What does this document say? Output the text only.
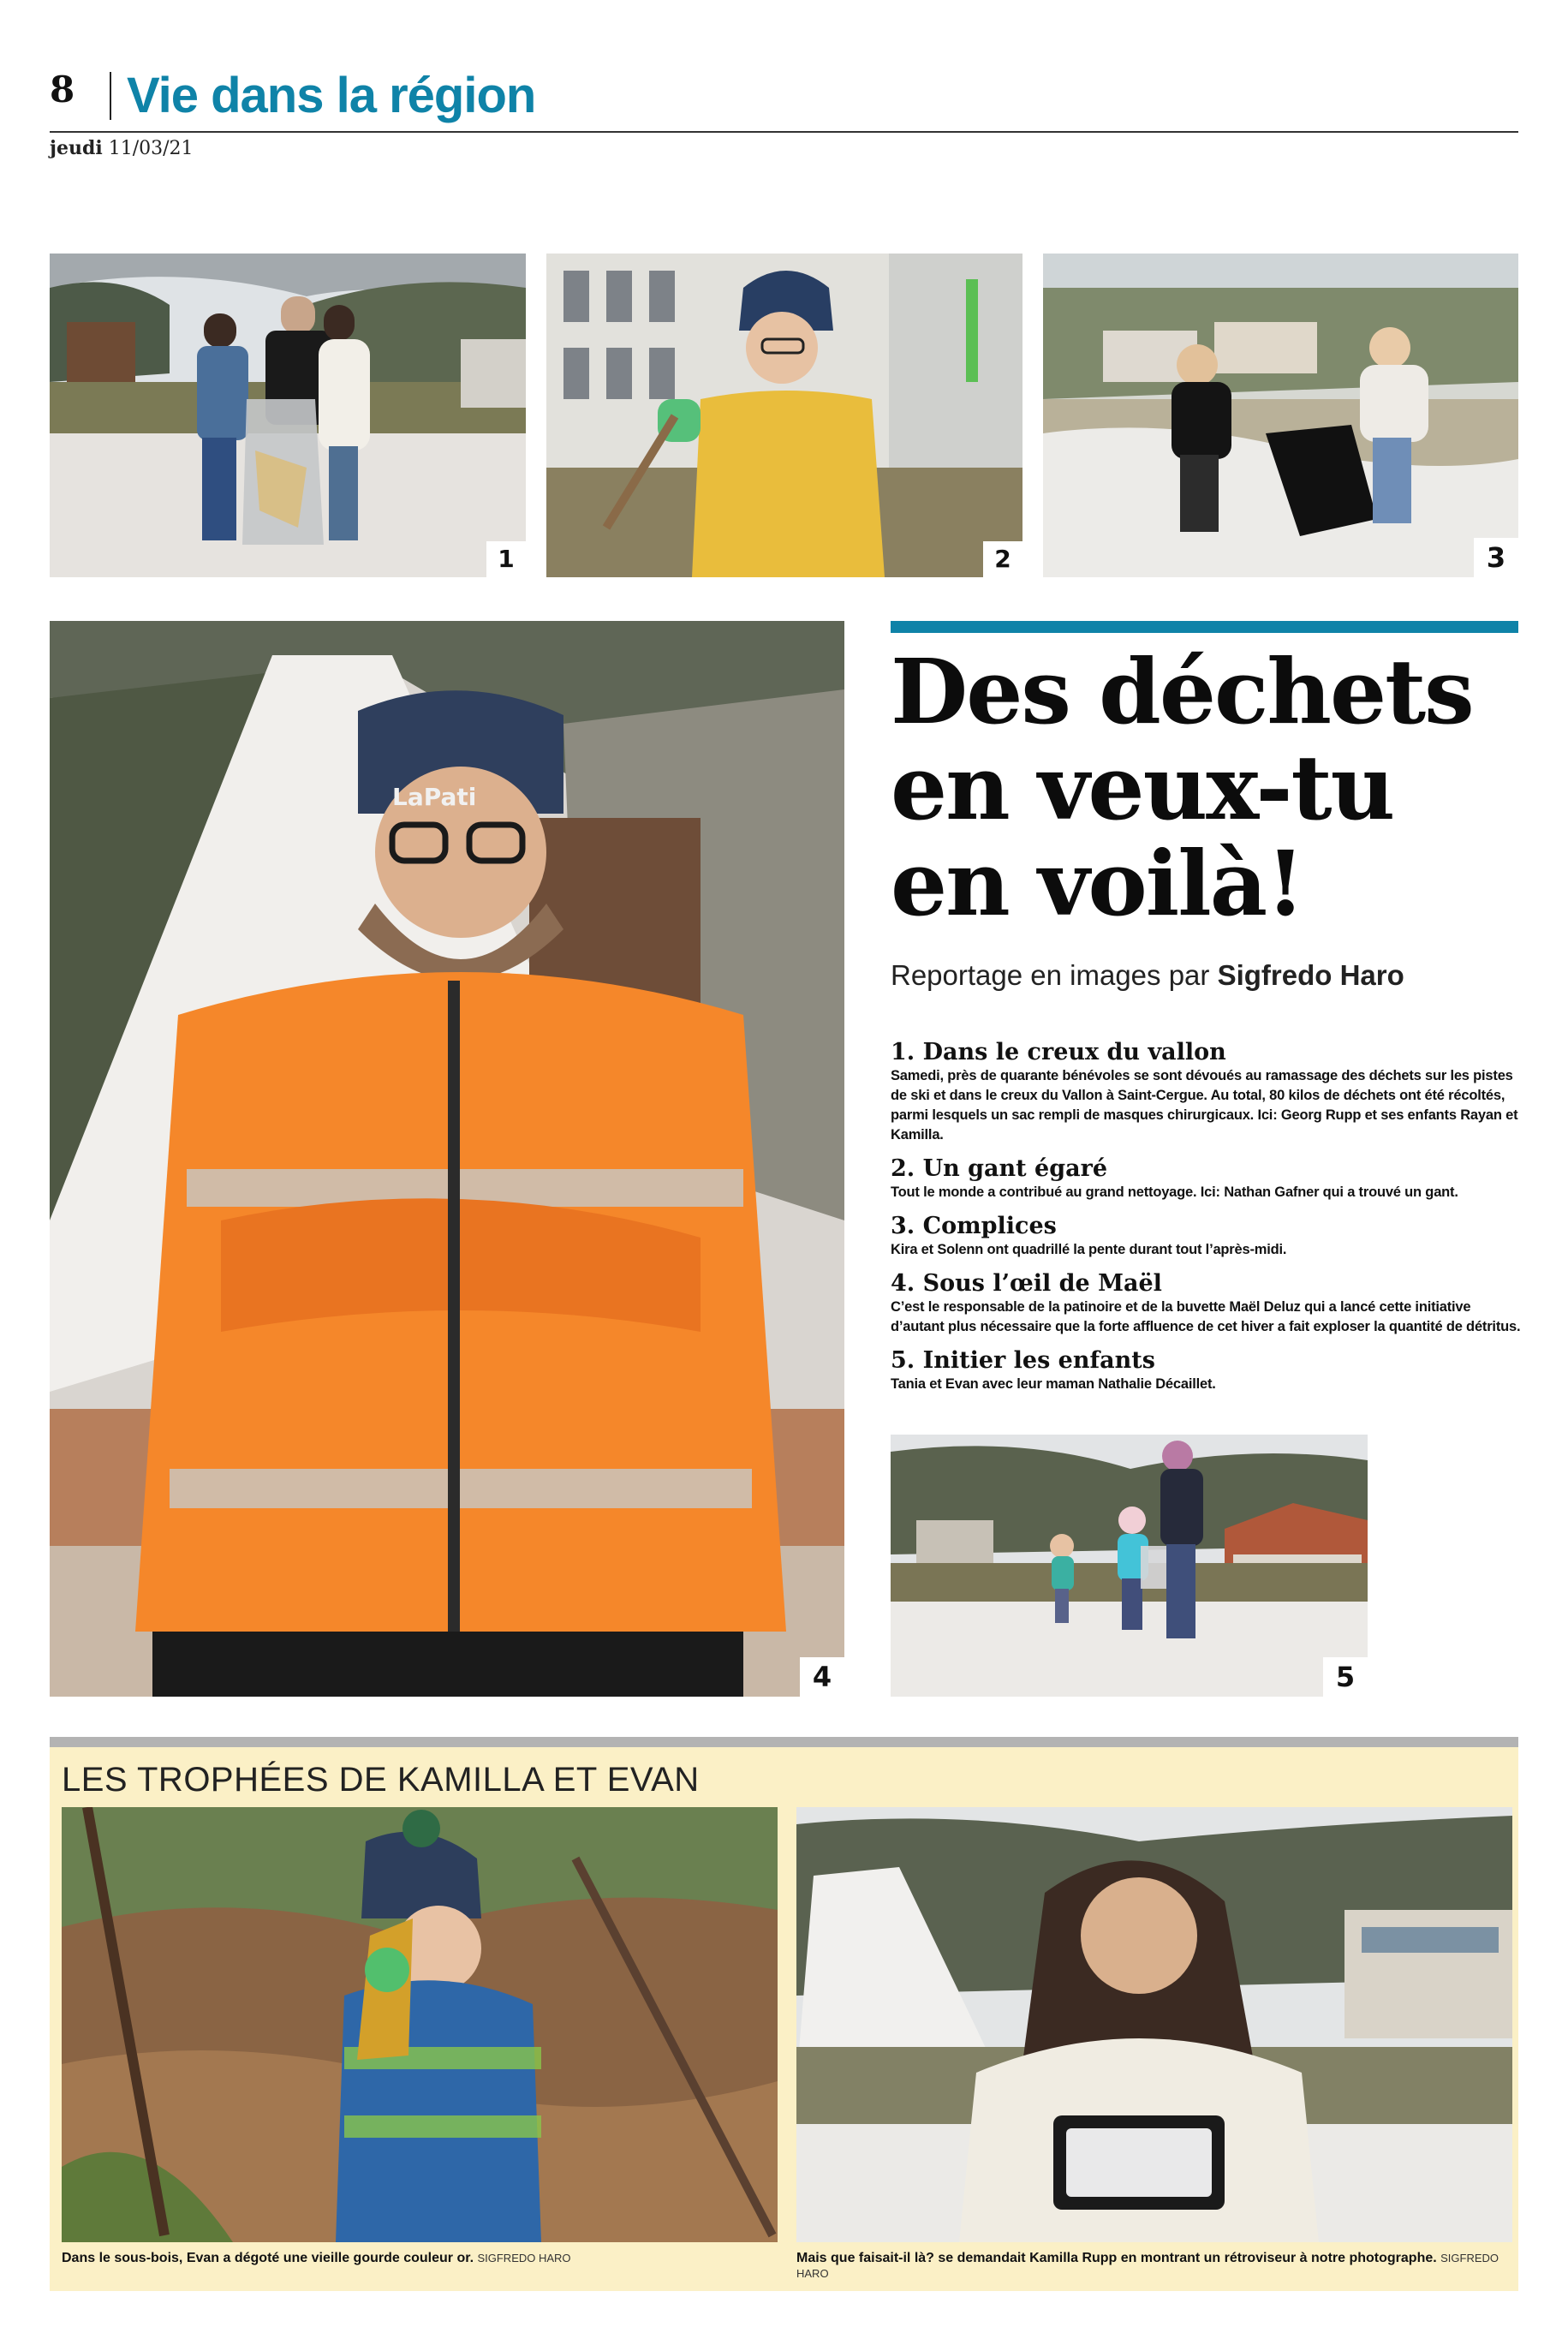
8 Vie dans la région
jeudi 11/03/21
1	2	3
LaPati
4
Des déchets
en veux-tu
en voilà!
Reportage en images par Sigfredo Haro

1. Dans le creux du vallon

Samedi, près de quarante bénévoles se sont dévoués au ramassage des déchets sur les pistes de ski et dans le creux du Vallon à Saint-Cergue. Au total, 80 kilos de déchets ont été récoltés, parmi lesquels un sac rempli de masques chirurgicaux. Ici: Georg Rupp et ses enfants Rayan et Kamilla.

2. Un gant égaré

Tout le monde a contribué au grand nettoyage. Ici: Nathan Gafner qui a trouvé un gant.

3. Complices

Kira et Solenn ont quadrillé la pente durant tout l’après-midi.

4. Sous l’œil de Maël

C’est le responsable de la patinoire et de la buvette Maël Deluz qui a lancé cette initiative d’autant plus nécessaire que la forte affluence de cet hiver a fait exploser la quantité de détritus.

5. Initier les enfants

Tania et Evan avec leur maman Nathalie Décaillet.

5
LES TROPHÉES DE KAMILLA ET EVAN
Dans le sous-bois, Evan a dégoté une vieille gourde couleur or. SIGFREDO HARO	Mais que faisait-il là? se demandait Kamilla Rupp en montrant un rétroviseur à notre photographe. SIGFREDO HARO
